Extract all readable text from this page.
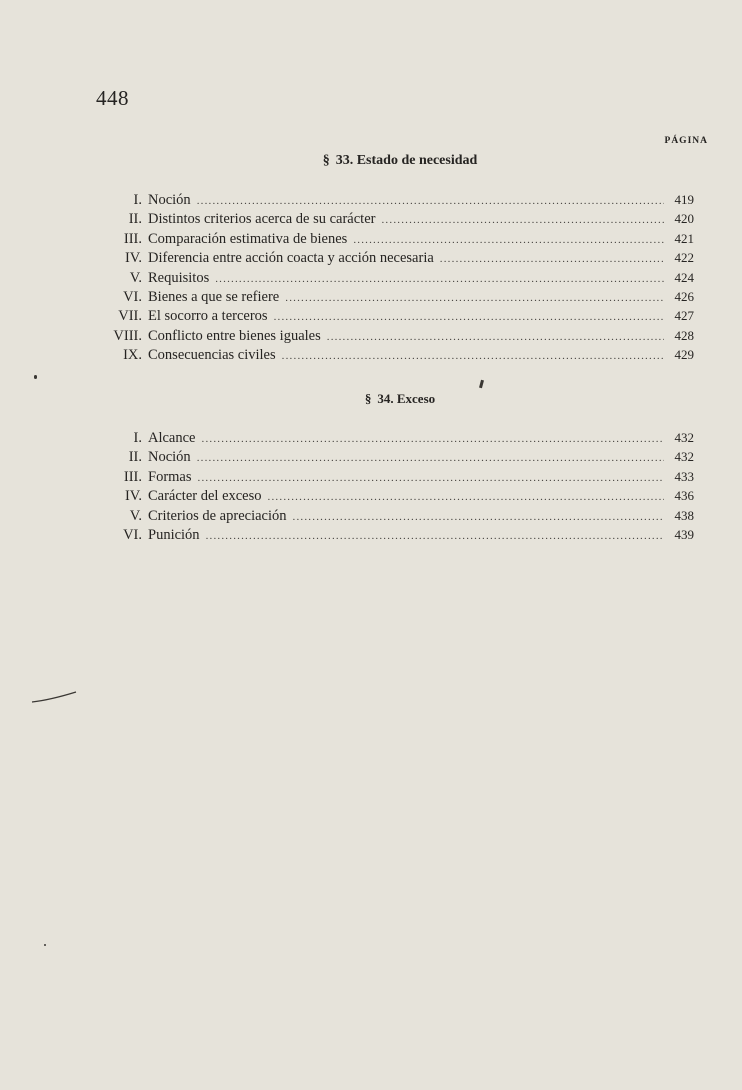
448
PÁGINA
§ 33. Estado de necesidad
I. Noción .....	419
II. Distintos criterios acerca de su carácter .....	420
III. Comparación estimativa de bienes .....	421
IV. Diferencia entre acción coacta y acción necesaria .....	422
V. Requisitos .....	424
VI. Bienes a que se refiere .....	426
VII. El socorro a terceros .....	427
VIII. Conflicto entre bienes iguales .....	428
IX. Consecuencias civiles .....	429
§ 34. Exceso
I. Alcance .....	432
II. Noción .....	432
III. Formas .....	433
IV. Carácter del exceso .....	436
V. Criterios de apreciación .....	438
VI. Punición .....	439
